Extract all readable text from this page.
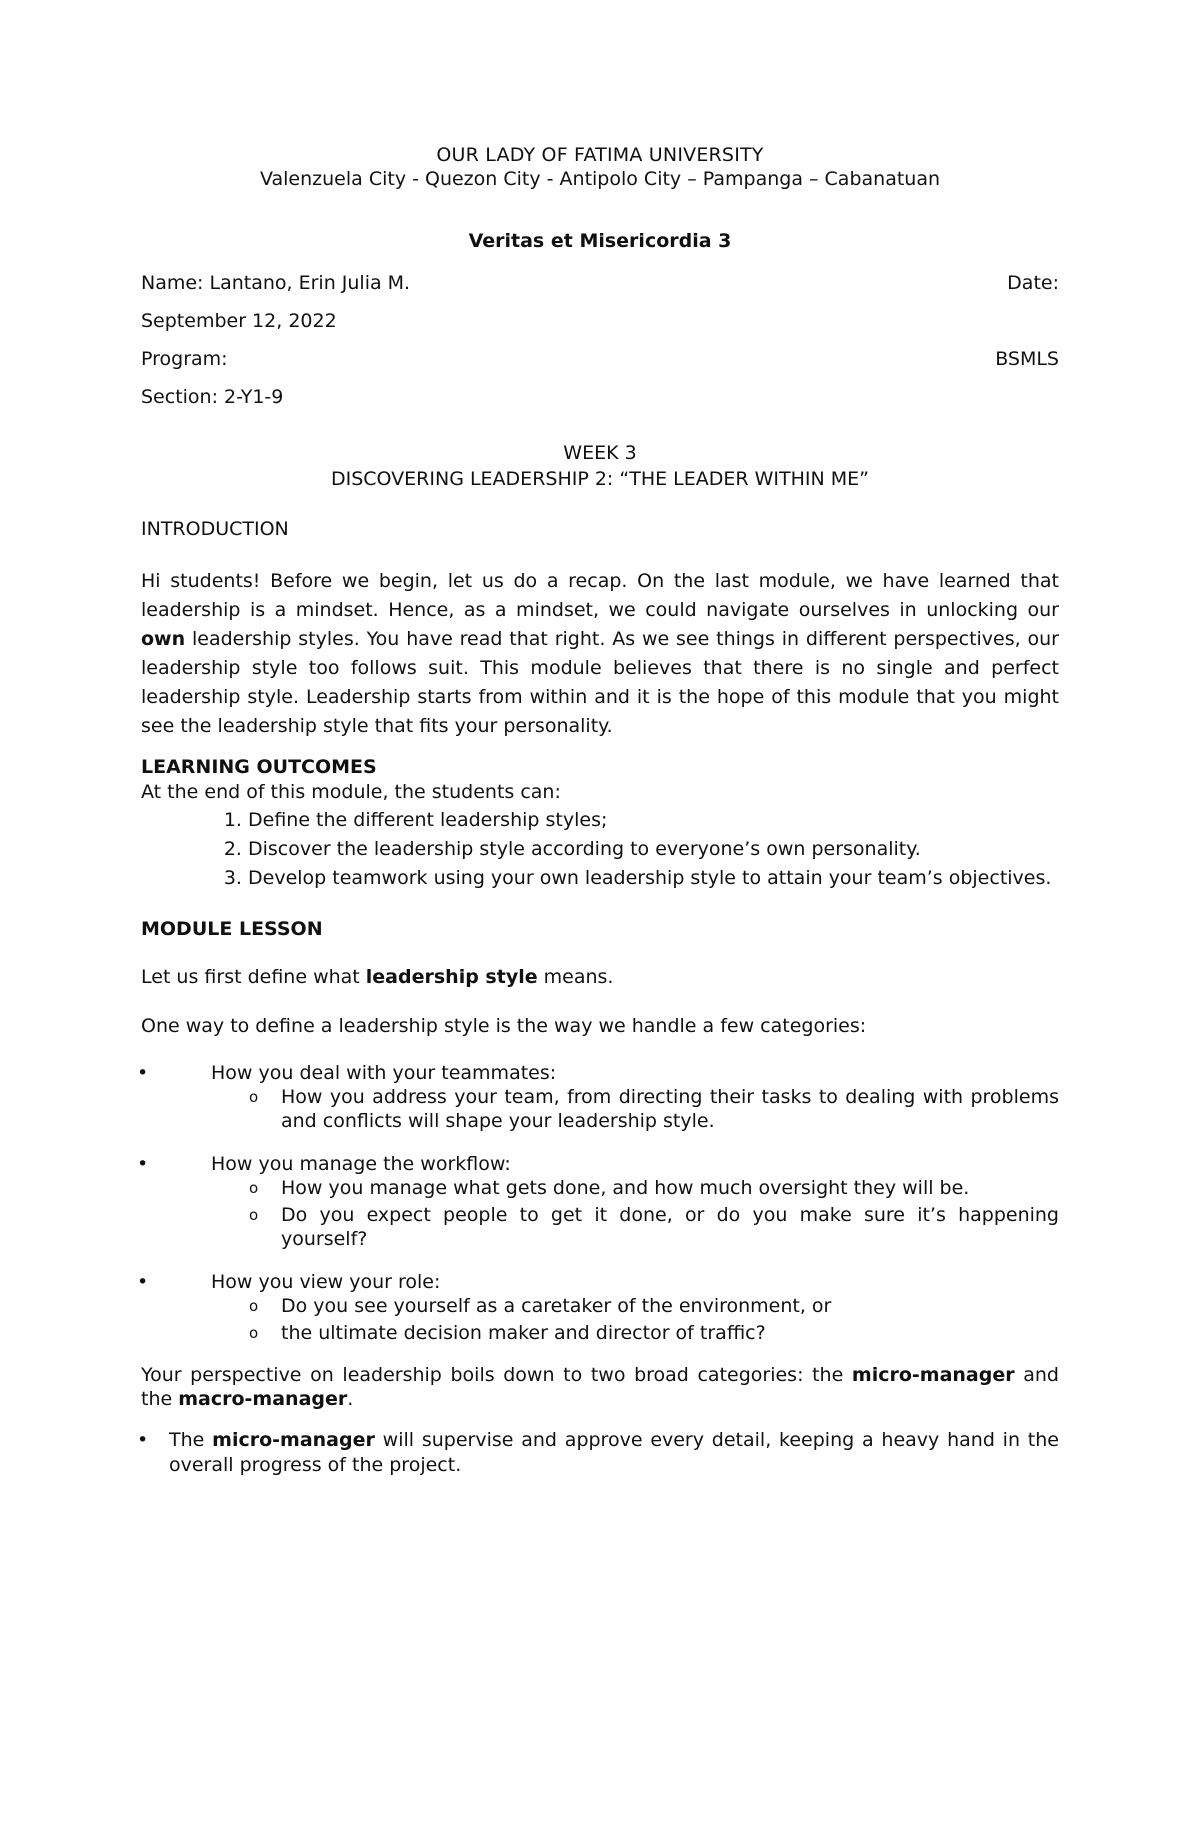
OUR LADY OF FATIMA UNIVERSITY
Valenzuela City - Quezon City - Antipolo City – Pampanga – Cabanatuan
Veritas et Misericordia 3
Name: Lantano, Erin Julia M.	Date:
September 12, 2022
Program:	BSMLS
Section: 2-Y1-9
WEEK 3
DISCOVERING LEADERSHIP 2: “THE LEADER WITHIN ME”
INTRODUCTION

Hi students! Before we begin, let us do a recap. On the last module, we have learned that leadership is a mindset. Hence, as a mindset, we could navigate ourselves in unlocking our own leadership styles. You have read that right. As we see things in different perspectives, our leadership style too follows suit. This module believes that there is no single and perfect leadership style. Leadership starts from within and it is the hope of this module that you might see the leadership style that fits your personality.

LEARNING OUTCOMES
At the end of this module, the students can:
1. Define the different leadership styles;
2. Discover the leadership style according to everyone’s own personality.
3. Develop teamwork using your own leadership style to attain your team’s objectives.
MODULE LESSON

Let us first define what leadership style means.

One way to define a leadership style is the way we handle a few categories:

•	How you deal with your teammates:
o How you address your team, from directing their tasks to dealing with problems and conflicts will shape your leadership style.
•	How you manage the workflow:
o How you manage what gets done, and how much oversight they will be.
o Do you expect people to get it done, or do you make sure it’s happening yourself?
•	How you view your role:
o Do you see yourself as a caretaker of the environment, or
o the ultimate decision maker and director of traffic?

Your perspective on leadership boils down to two broad categories: the micro-manager and the macro-manager.

• The micro-manager will supervise and approve every detail, keeping a heavy hand in the overall progress of the project.
